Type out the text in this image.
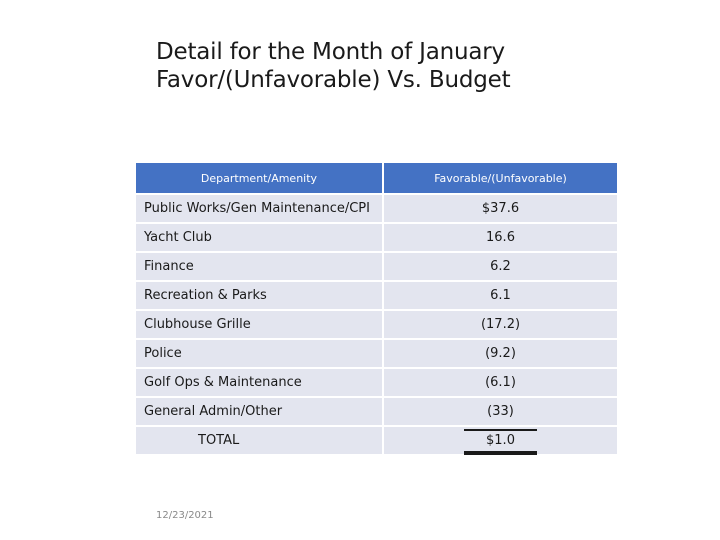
Detail for the Month of January
Favor/(Unfavorable) Vs. Budget
Department/Amenity	Favorable/(Unfavorable)
Public Works/Gen Maintenance/CPI	$37.6
Yacht Club	16.6
Finance	6.2
Recreation & Parks	6.1
Clubhouse Grille	(17.2)
Police	(9.2)
Golf Ops & Maintenance	(6.1)
General Admin/Other	(33)
TOTAL	$1.0
12/23/2021
